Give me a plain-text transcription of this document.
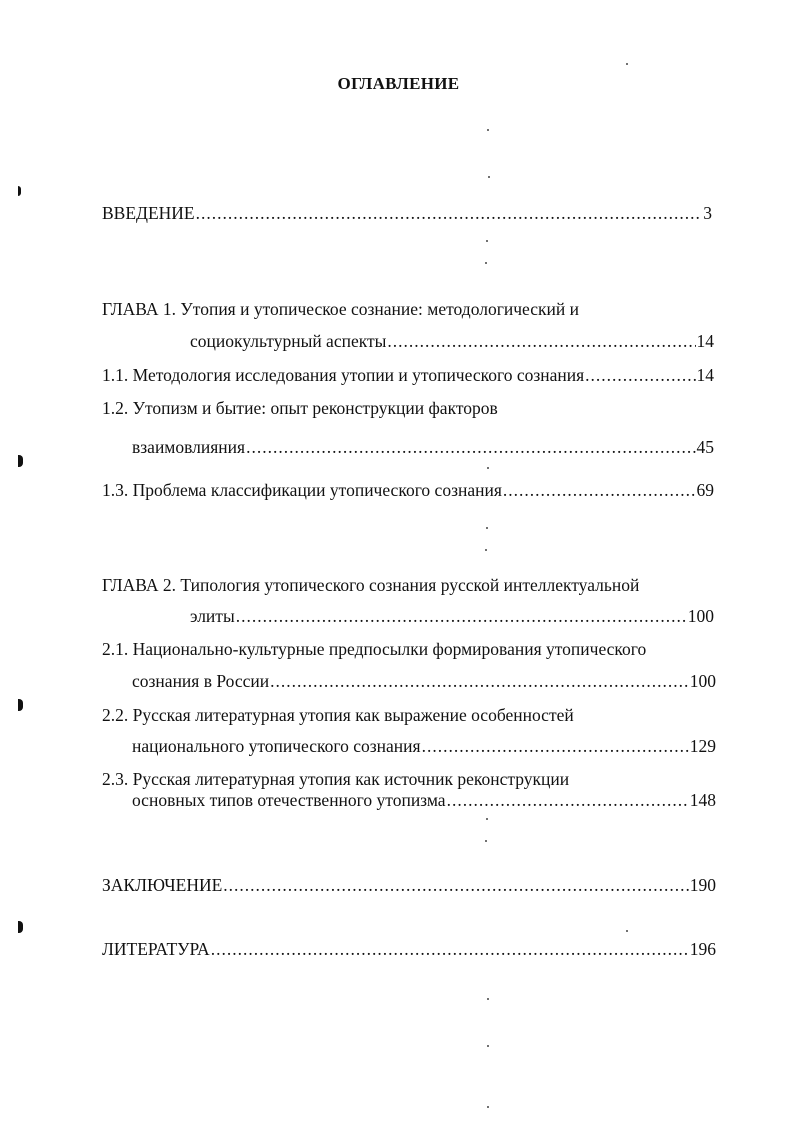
ОГЛАВЛЕНИЕ
ВВЕДЕНИЕ .....	3
ГЛАВА 1. Утопия и утопическое сознание: методологический и
социокультурный аспекты .....	14
1.1. Методология исследования утопии и утопического сознания .....	14
1.2. Утопизм и бытие: опыт реконструкции факторов
взаимовлияния .....	45
1.3. Проблема классификации утопического сознания .....	69
ГЛАВА 2. Типология утопического сознания русской интеллектуальной
элиты .....	100
2.1. Национально-культурные предпосылки формирования утопического
сознания в России .....	100
2.2. Русская литературная утопия как выражение особенностей
национального утопического сознания .....	129
2.3. Русская литературная утопия как источник реконструкции
основных типов отечественного утопизма .....	148
ЗАКЛЮЧЕНИЕ .....	190
ЛИТЕРАТУРА .....	196
